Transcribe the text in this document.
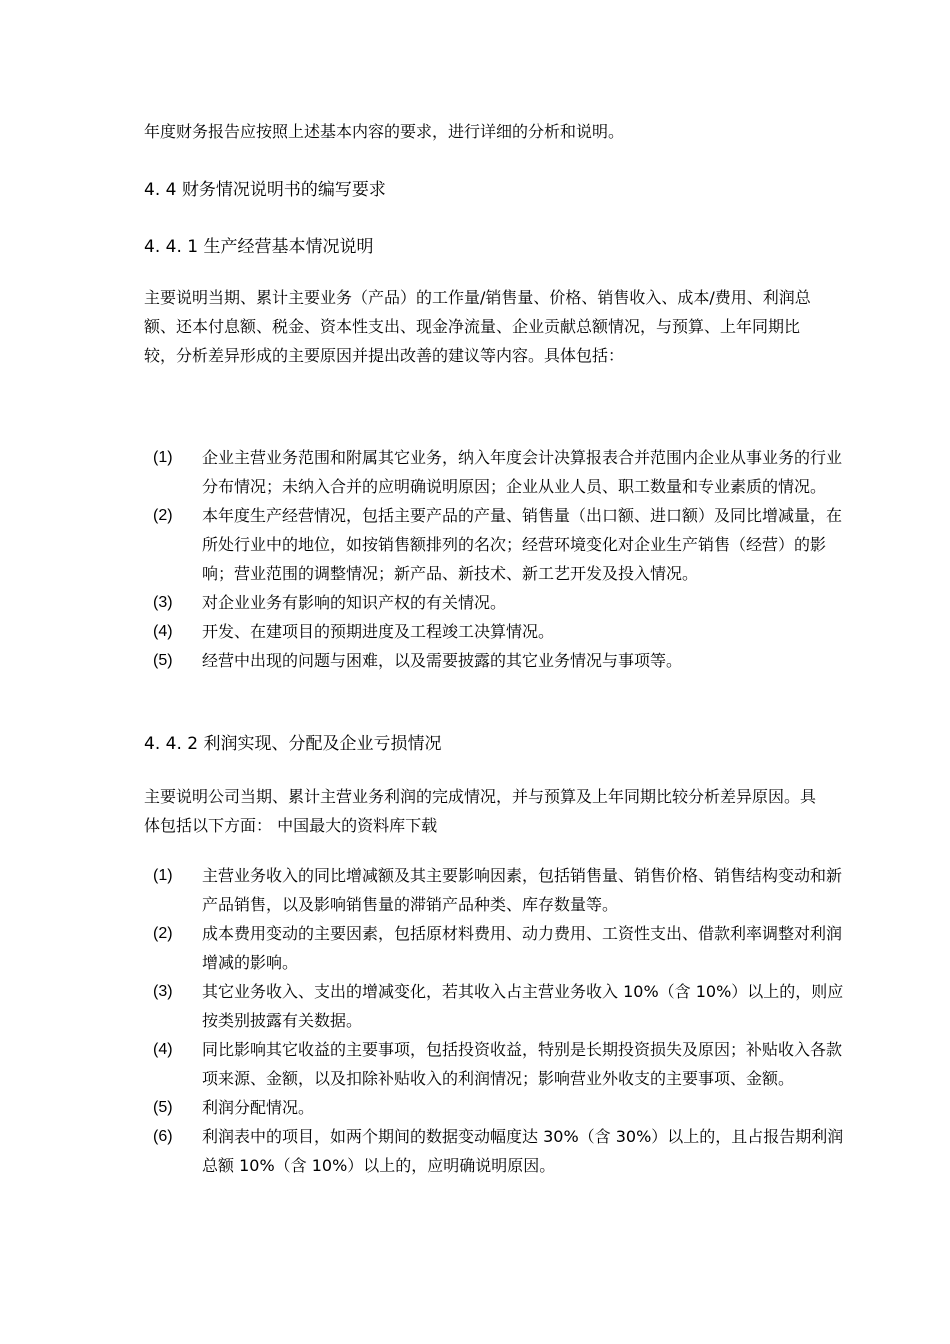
年度财务报告应按照上述基本内容的要求，进行详细的分析和说明。

4. 4 财务情况说明书的编写要求
4. 4. 1 生产经营基本情况说明

主要说明当期、累计主要业务（产品）的工作量/销售量、价格、销售收入、成本/费用、利润总额、还本付息额、税金、资本性支出、现金净流量、企业贡献总额情况，与预算、上年同期比较，分析差异形成的主要原因并提出改善的建议等内容。具体包括：

(1) 企业主营业务范围和附属其它业务，纳入年度会计决算报表合并范围内企业从事业务的行业分布情况；未纳入合并的应明确说明原因；企业从业人员、职工数量和专业素质的情况。
(2) 本年度生产经营情况，包括主要产品的产量、销售量（出口额、进口额）及同比增减量，在所处行业中的地位，如按销售额排列的名次；经营环境变化对企业生产销售（经营）的影响；营业范围的调整情况；新产品、新技术、新工艺开发及投入情况。
(3) 对企业业务有影响的知识产权的有关情况。
(4) 开发、在建项目的预期进度及工程竣工决算情况。
(5) 经营中出现的问题与困难，以及需要披露的其它业务情况与事项等。
4. 4. 2 利润实现、分配及企业亏损情况

主要说明公司当期、累计主营业务利润的完成情况，并与预算及上年同期比较分析差异原因。具体包括以下方面： 中国最大的资料库下载

(1) 主营业务收入的同比增减额及其主要影响因素，包括销售量、销售价格、销售结构变动和新产品销售，以及影响销售量的滞销产品种类、库存数量等。
(2) 成本费用变动的主要因素，包括原材料费用、动力费用、工资性支出、借款利率调整对利润增减的影响。
(3) 其它业务收入、支出的增减变化，若其收入占主营业务收入 10%（含 10%）以上的，则应按类别披露有关数据。
(4) 同比影响其它收益的主要事项，包括投资收益，特别是长期投资损失及原因；补贴收入各款项来源、金额，以及扣除补贴收入的利润情况；影响营业外收支的主要事项、金额。
(5) 利润分配情况。
(6) 利润表中的项目，如两个期间的数据变动幅度达 30%（含 30%）以上的，且占报告期利润总额 10%（含 10%）以上的，应明确说明原因。
